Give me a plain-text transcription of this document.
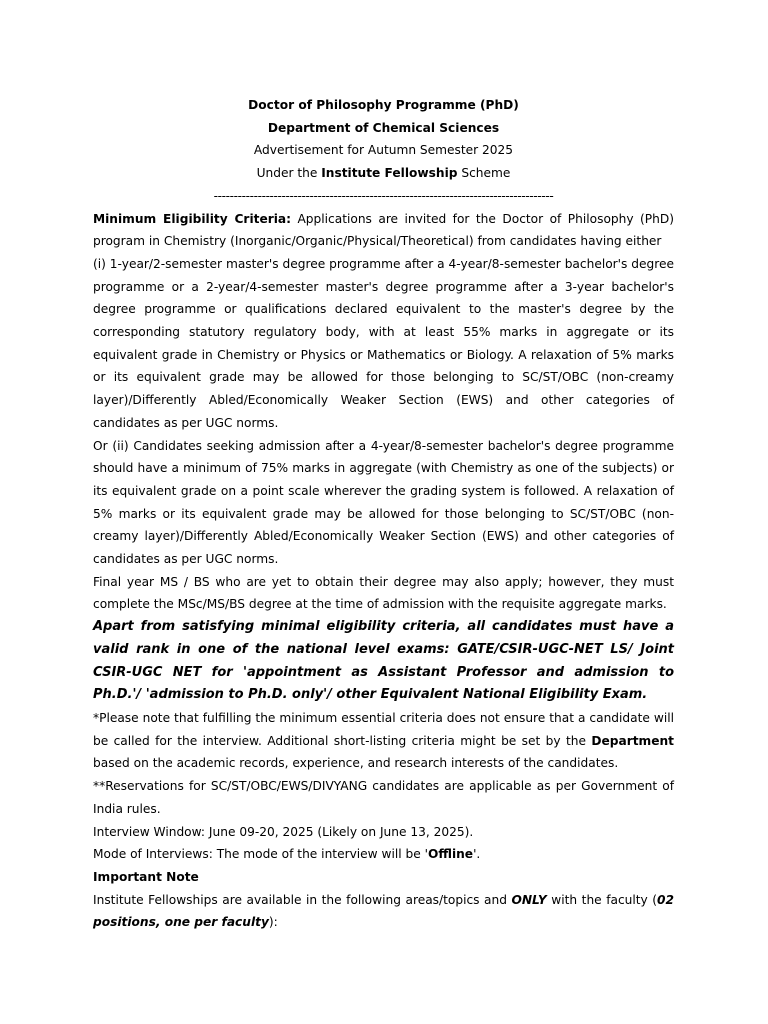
Doctor of Philosophy Programme (PhD)

Department of Chemical Sciences

Advertisement for Autumn Semester 2025

Under the Institute Fellowship Scheme

-------------------------------------------------------------------------------------

Minimum Eligibility Criteria: Applications are invited for the Doctor of Philosophy (PhD) program in Chemistry (Inorganic/Organic/Physical/Theoretical) from candidates having either

(i) 1-year/2-semester master's degree programme after a 4-year/8-semester bachelor's degree programme or a 2-year/4-semester master's degree programme after a 3-year bachelor's degree programme or qualifications declared equivalent to the master's degree by the corresponding statutory regulatory body, with at least 55% marks in aggregate or its equivalent grade in Chemistry or Physics or Mathematics or Biology. A relaxation of 5% marks or its equivalent grade may be allowed for those belonging to SC/ST/OBC (non-creamy layer)/Differently Abled/Economically Weaker Section (EWS) and other categories of candidates as per UGC norms.

Or (ii) Candidates seeking admission after a 4-year/8-semester bachelor's degree programme should have a minimum of 75% marks in aggregate (with Chemistry as one of the subjects) or its equivalent grade on a point scale wherever the grading system is followed. A relaxation of 5% marks or its equivalent grade may be allowed for those belonging to SC/ST/OBC (non-creamy layer)/Differently Abled/Economically Weaker Section (EWS) and other categories of candidates as per UGC norms.

Final year MS / BS who are yet to obtain their degree may also apply; however, they must complete the MSc/MS/BS degree at the time of admission with the requisite aggregate marks.

Apart from satisfying minimal eligibility criteria, all candidates must have a valid rank in one of the national level exams: GATE/CSIR-UGC-NET LS/ Joint CSIR-UGC NET for 'appointment as Assistant Professor and admission to Ph.D.'/ 'admission to Ph.D. only'/ other Equivalent National Eligibility Exam.

*Please note that fulfilling the minimum essential criteria does not ensure that a candidate will be called for the interview. Additional short-listing criteria might be set by the Department based on the academic records, experience, and research interests of the candidates.

**Reservations for SC/ST/OBC/EWS/DIVYANG candidates are applicable as per Government of India rules.

Interview Window: June 09-20, 2025 (Likely on June 13, 2025).

Mode of Interviews: The mode of the interview will be 'Offline'.

Important Note

Institute Fellowships are available in the following areas/topics and ONLY with the faculty (02 positions, one per faculty):
